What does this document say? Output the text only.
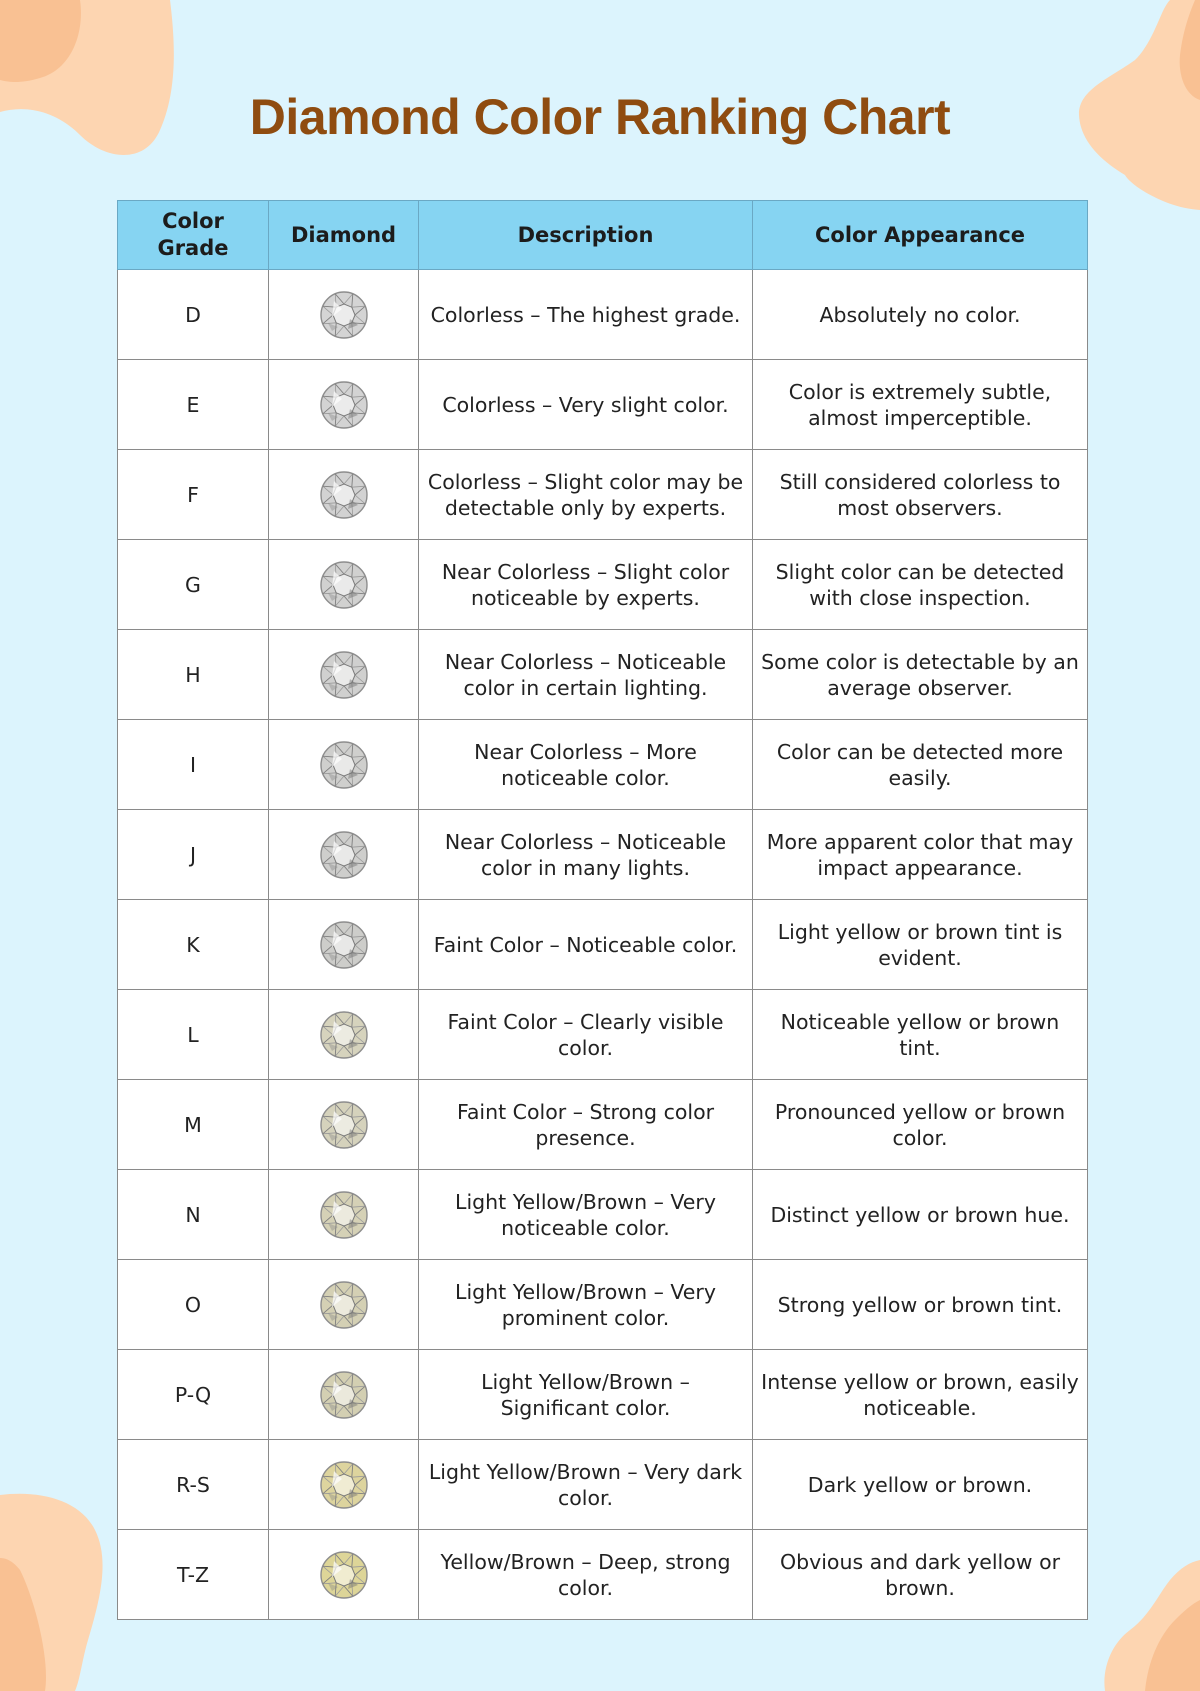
Diamond Color Ranking Chart
Color
Grade	Diamond	Description	Color Appearance
D		Colorless – The highest grade.	Absolutely no color.
E		Colorless – Very slight color.	Color is extremely subtle, almost imperceptible.
F		Colorless – Slight color may be detectable only by experts.	Still considered colorless to most observers.
G		Near Colorless – Slight color noticeable by experts.	Slight color can be detected with close inspection.
H		Near Colorless – Noticeable color in certain lighting.	Some color is detectable by an average observer.
I		Near Colorless – More noticeable color.	Color can be detected more easily.
J		Near Colorless – Noticeable color in many lights.	More apparent color that may impact appearance.
K		Faint Color – Noticeable color.	Light yellow or brown tint is evident.
L		Faint Color – Clearly visible color.	Noticeable yellow or brown tint.
M		Faint Color – Strong color presence.	Pronounced yellow or brown color.
N		Light Yellow/Brown – Very noticeable color.	Distinct yellow or brown hue.
O		Light Yellow/Brown – Very prominent color.	Strong yellow or brown tint.
P-Q		Light Yellow/Brown – Significant color.	Intense yellow or brown, easily noticeable.
R-S		Light Yellow/Brown – Very dark color.	Dark yellow or brown.
T-Z		Yellow/Brown – Deep, strong color.	Obvious and dark yellow or brown.
